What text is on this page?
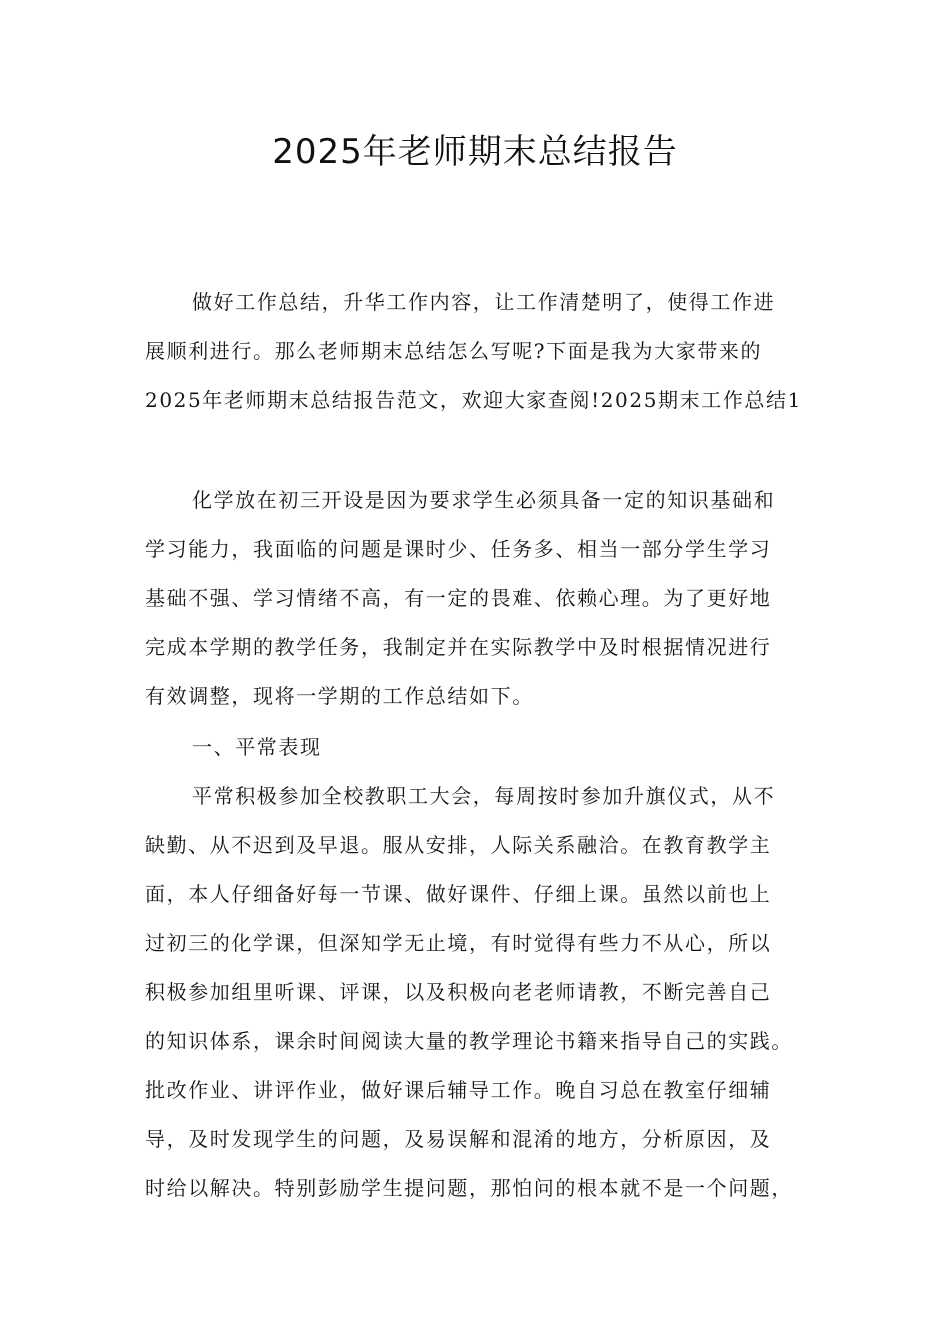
2025年老师期末总结报告
做好工作总结，升华工作内容，让工作清楚明了，使得工作进
展顺利进行。那么老师期末总结怎么写呢?下面是我为大家带来的
2025年老师期末总结报告范文，欢迎大家查阅!2025期末工作总结1
化学放在初三开设是因为要求学生必须具备一定的知识基础和
学习能力，我面临的问题是课时少、任务多、相当一部分学生学习
基础不强、学习情绪不高，有一定的畏难、依赖心理。为了更好地
完成本学期的教学任务，我制定并在实际教学中及时根据情况进行
有效调整，现将一学期的工作总结如下。
一、平常表现
平常积极参加全校教职工大会，每周按时参加升旗仪式，从不
缺勤、从不迟到及早退。服从安排，人际关系融洽。在教育教学主
面，本人仔细备好每一节课、做好课件、仔细上课。虽然以前也上
过初三的化学课，但深知学无止境，有时觉得有些力不从心，所以
积极参加组里听课、评课，以及积极向老老师请教，不断完善自己
的知识体系，课余时间阅读大量的教学理论书籍来指导自己的实践。
批改作业、讲评作业，做好课后辅导工作。晚自习总在教室仔细辅
导，及时发现学生的问题，及易误解和混淆的地方，分析原因，及
时给以解决。特别彭励学生提问题，那怕问的根本就不是一个问题，
